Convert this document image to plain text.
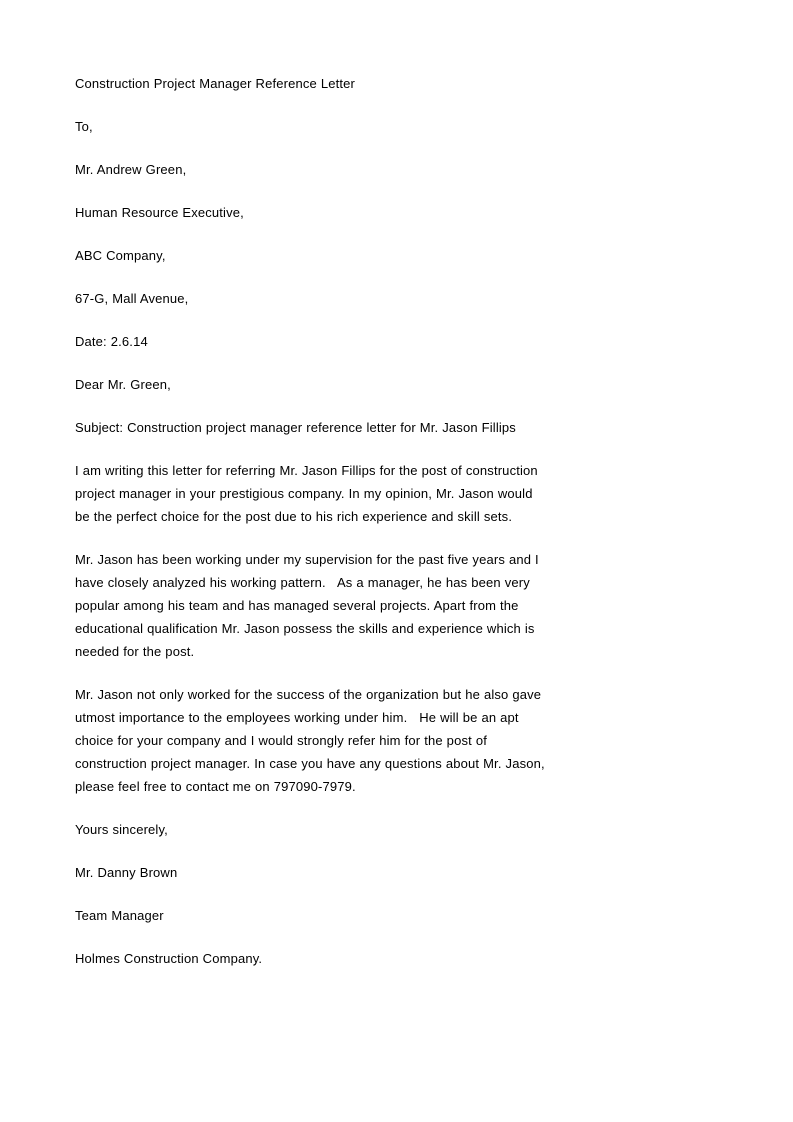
Construction Project Manager Reference Letter
To,
Mr. Andrew Green,
Human Resource Executive,
ABC Company,
67-G, Mall Avenue,
Date: 2.6.14
Dear Mr. Green,
Subject: Construction project manager reference letter for Mr. Jason Fillips

I am writing this letter for referring Mr. Jason Fillips for the post of construction project manager in your prestigious company. In my opinion, Mr. Jason would be the perfect choice for the post due to his rich experience and skill sets.

Mr. Jason has been working under my supervision for the past five years and I have closely analyzed his working pattern.   As a manager, he has been very popular among his team and has managed several projects. Apart from the educational qualification Mr. Jason possess the skills and experience which is needed for the post.

Mr. Jason not only worked for the success of the organization but he also gave utmost importance to the employees working under him.   He will be an apt choice for your company and I would strongly refer him for the post of construction project manager. In case you have any questions about Mr. Jason, please feel free to contact me on 797090-7979.

Yours sincerely,
Mr. Danny Brown
Team Manager
Holmes Construction Company.
